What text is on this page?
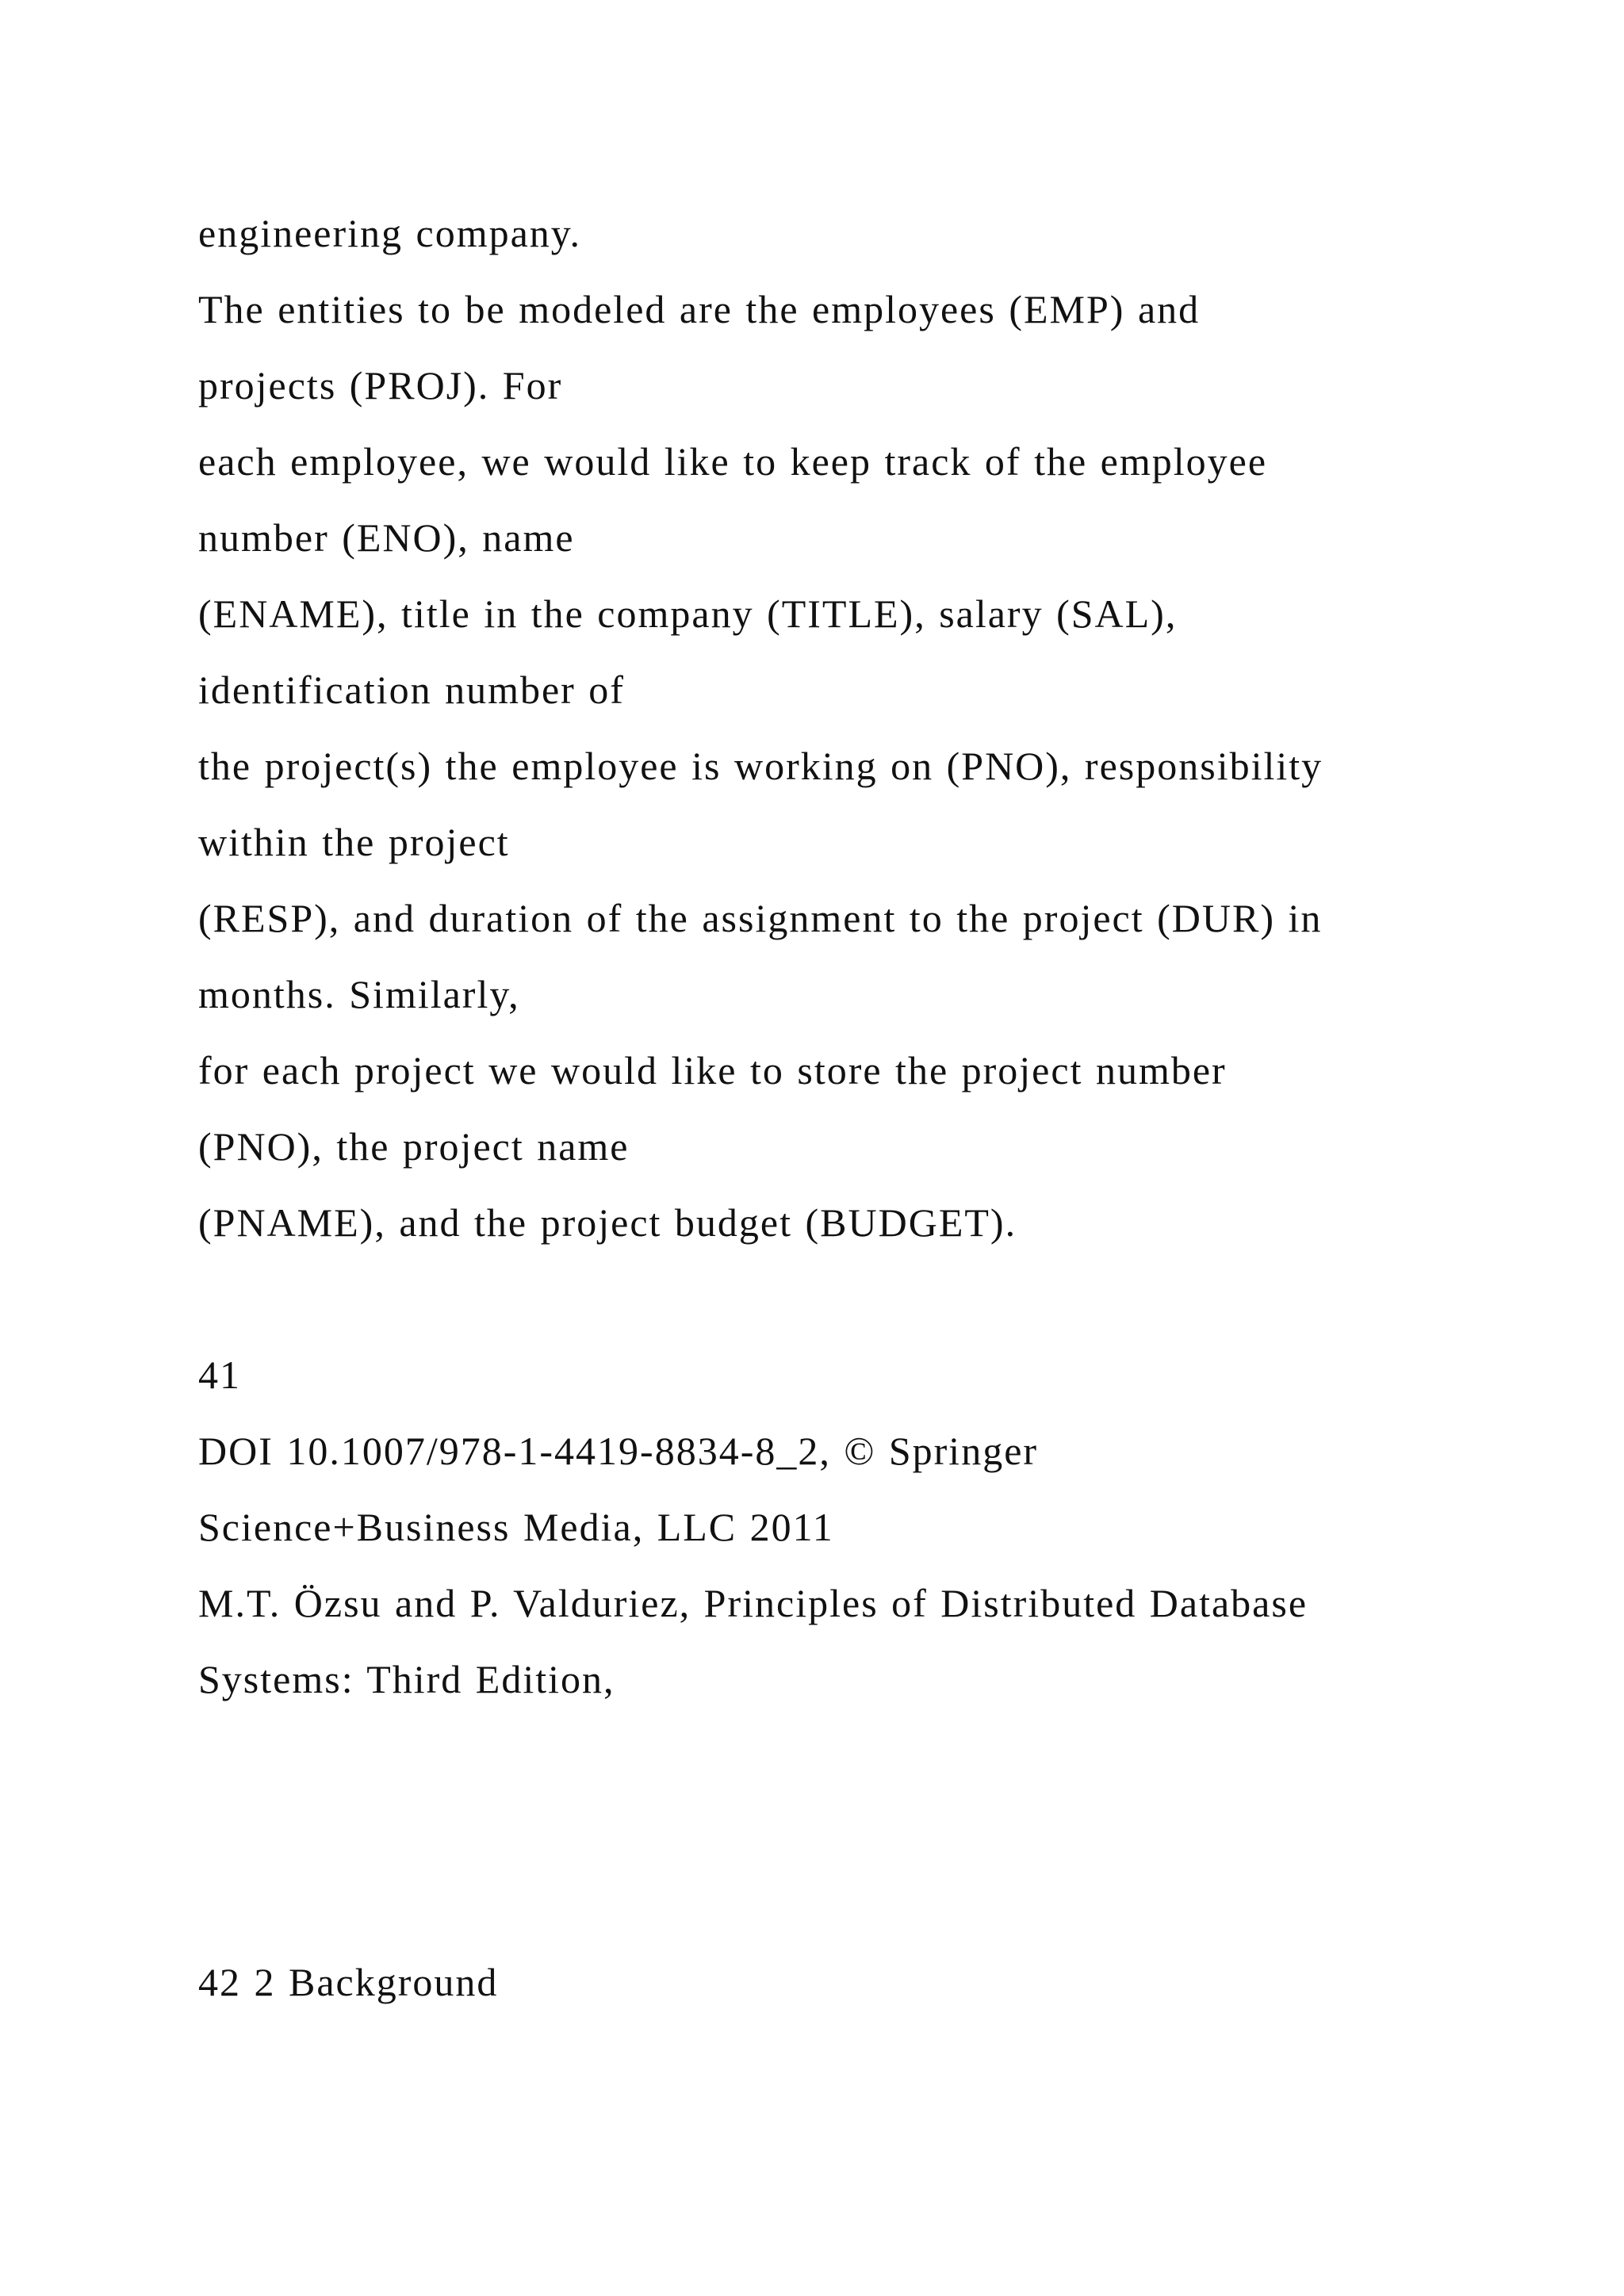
engineering company.
The entities to be modeled are the employees (EMP) and
projects (PROJ). For
each employee, we would like to keep track of the employee
number (ENO), name
(ENAME), title in the company (TITLE), salary (SAL),
identification number of
the project(s) the employee is working on (PNO), responsibility
within the project
(RESP), and duration of the assignment to the project (DUR) in
months. Similarly,
for each project we would like to store the project number
(PNO), the project name
(PNAME), and the project budget (BUDGET).
41
DOI 10.1007/978-1-4419-8834-8_2, © Springer
Science+Business Media, LLC 2011
M.T. Özsu and P. Valduriez, Principles of Distributed Database
Systems: Third Edition,
42 2 Background
